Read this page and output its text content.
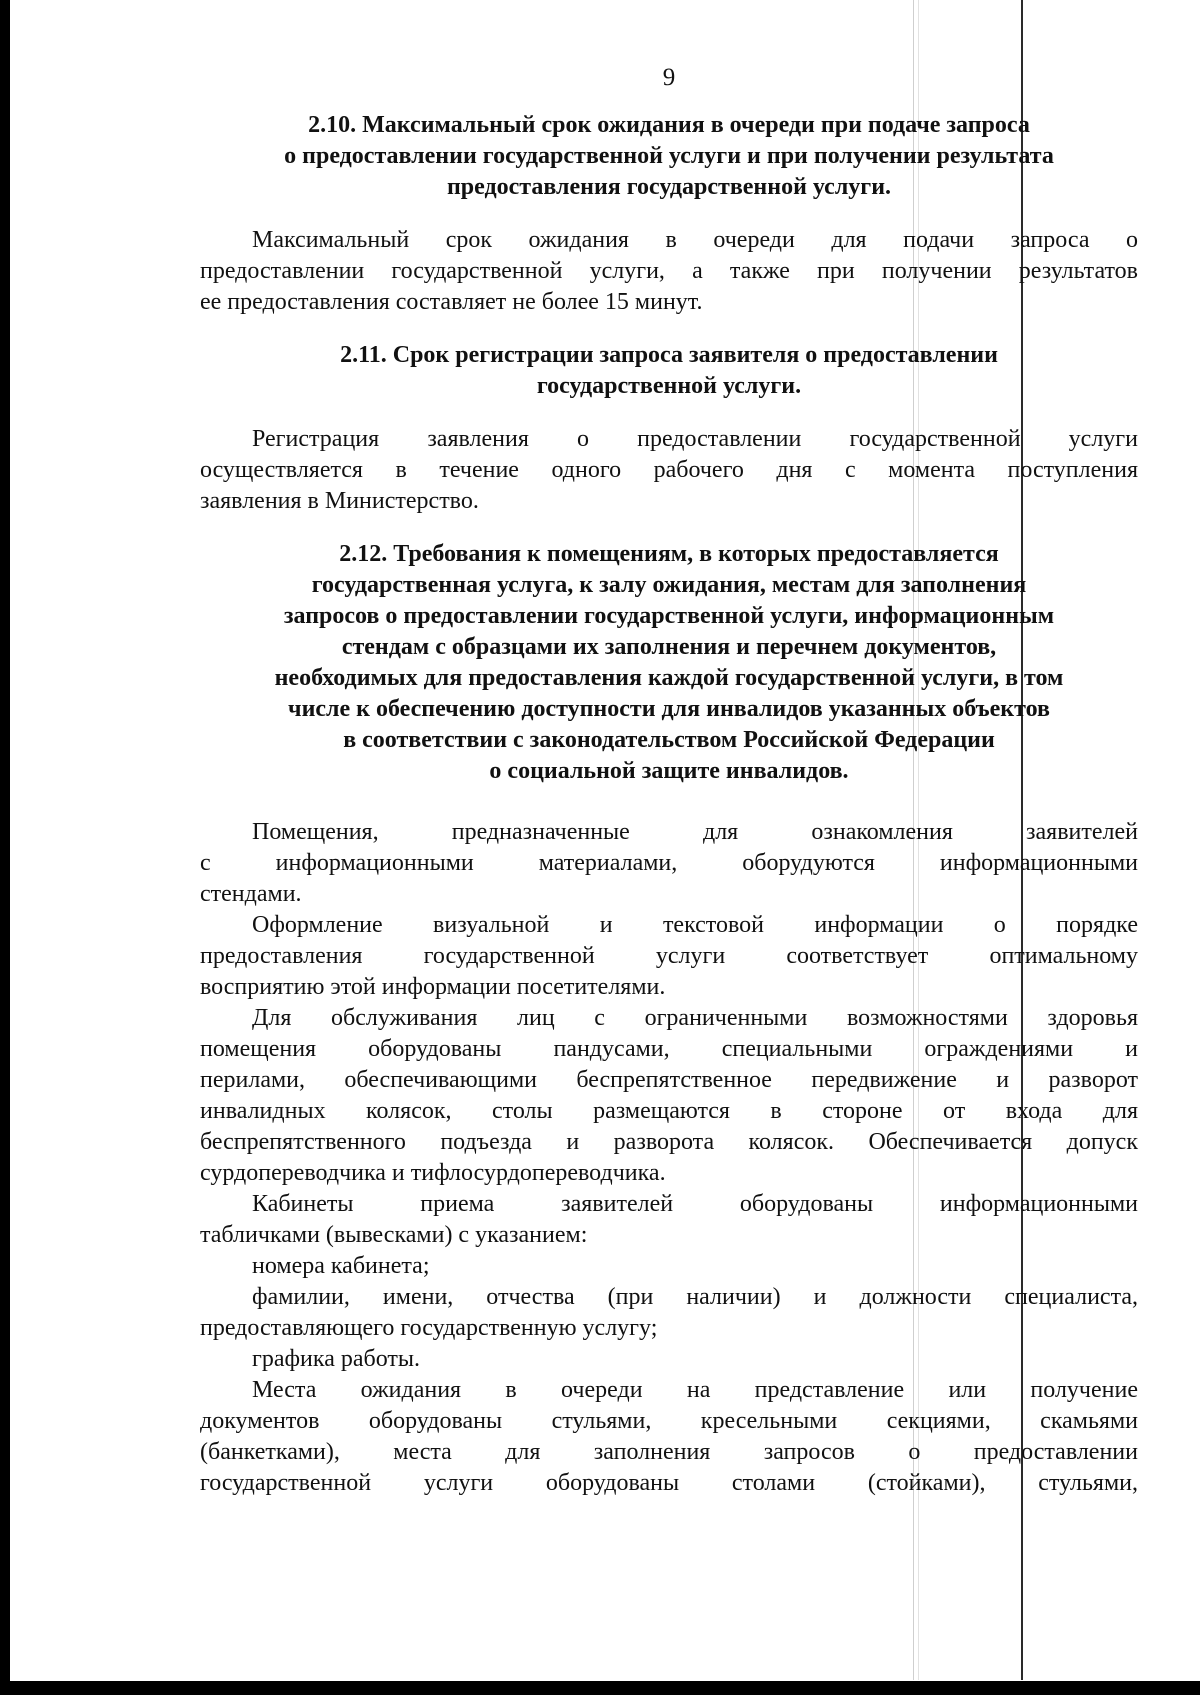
9
2.10. Максимальный срок ожидания в очереди при подаче запроса
о предоставлении государственной услуги и при получении результата
предоставления государственной услуги.
Максимальный срок ожидания в очереди для подачи запроса о
предоставлении государственной услуги, а также при получении результатов
ее предоставления составляет не более 15 минут.
2.11. Срок регистрации запроса заявителя о предоставлении
государственной услуги.
Регистрация заявления о предоставлении государственной услуги
осуществляется в течение одного рабочего дня с момента поступления
заявления в Министерство.
2.12. Требования к помещениям, в которых предоставляется
государственная услуга, к залу ожидания, местам для заполнения
запросов о предоставлении государственной услуги, информационным
стендам с образцами их заполнения и перечнем документов,
необходимых для предоставления каждой государственной услуги, в том
числе к обеспечению доступности для инвалидов указанных объектов
в соответствии с законодательством Российской Федерации
о социальной защите инвалидов.
Помещения, предназначенные для ознакомления заявителей
с информационными материалами, оборудуются информационными
стендами.
Оформление визуальной и текстовой информации о порядке
предоставления государственной услуги соответствует оптимальному
восприятию этой информации посетителями.
Для обслуживания лиц с ограниченными возможностями здоровья
помещения оборудованы пандусами, специальными ограждениями и
перилами, обеспечивающими беспрепятственное передвижение и разворот
инвалидных колясок, столы размещаются в стороне от входа для
беспрепятственного подъезда и разворота колясок. Обеспечивается допуск
сурдопереводчика и тифлосурдопереводчика.
Кабинеты приема заявителей оборудованы информационными
табличками (вывесками) с указанием:

номера кабинета;

фамилии, имени, отчества (при наличии) и должности специалиста,
предоставляющего государственную услугу;

графика работы.

Места ожидания в очереди на представление или получение
документов оборудованы стульями, кресельными секциями, скамьями
(банкетками), места для заполнения запросов о предоставлении
государственной услуги оборудованы столами (стойками), стульями,
